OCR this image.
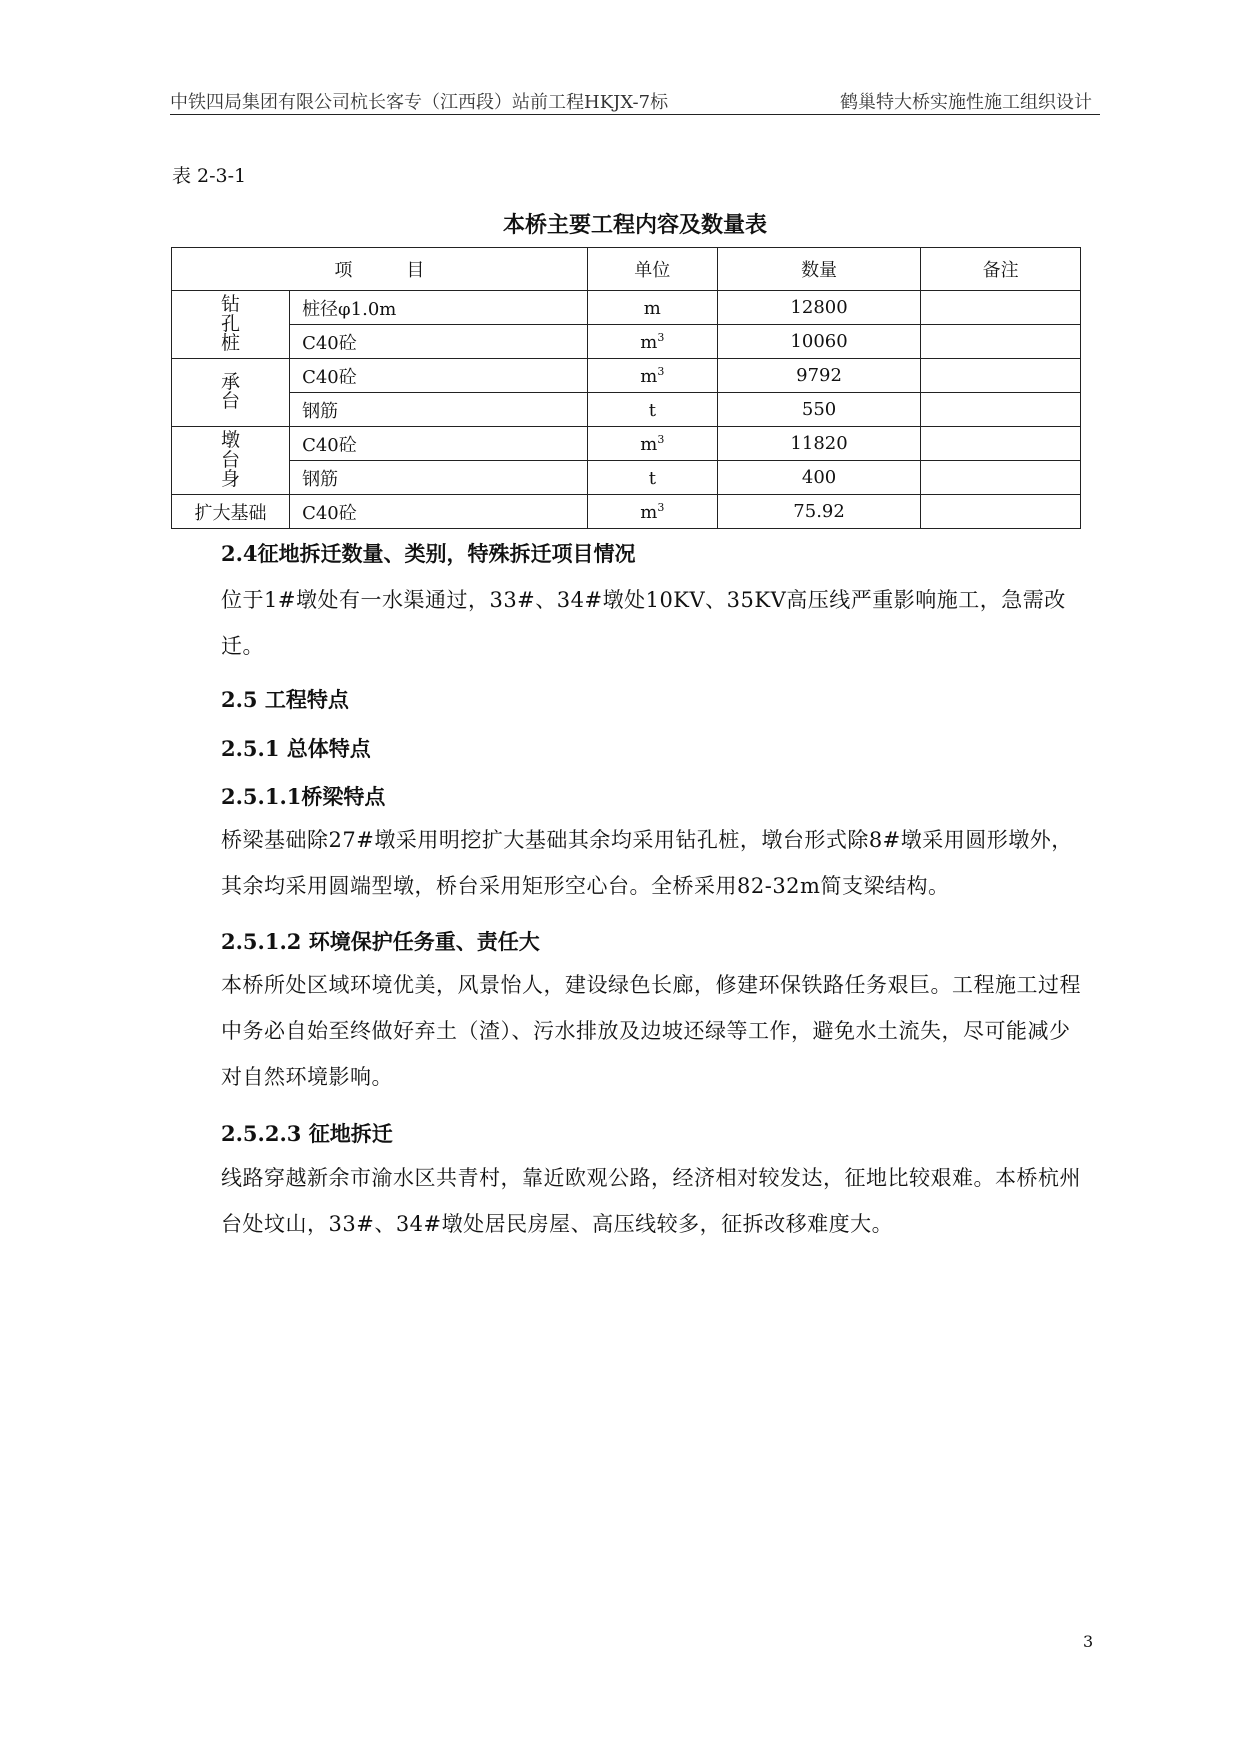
中铁四局集团有限公司杭长客专（江西段）站前工程HKJX-7标	鹤巢特大桥实施性施工组织设计
表 2-3-1
本桥主要工程内容及数量表
项　　　目		单位	数量	备注
钻孔桩	桩径φ1.0m	m	12800	
	C40砼	$m^3$	10060	
承台	C40砼	$m^3$	9792	
	钢筋	t	550	
墩台身	C40砼	$m^3$	11820	
	钢筋	t	400	
扩大基础	C40砼	$m^3$	75.92	
2.4征地拆迁数量、类别，特殊拆迁项目情况
位于1#墩处有一水渠通过，33#、34#墩处10KV、35KV高压线严重影响施工，急需改迁。
2.5 工程特点
2.5.1 总体特点
2.5.1.1桥梁特点
桥梁基础除27#墩采用明挖扩大基础其余均采用钻孔桩，墩台形式除8#墩采用圆形墩外，其余均采用圆端型墩，桥台采用矩形空心台。全桥采用82-32m简支梁结构。
2.5.1.2 环境保护任务重、责任大
本桥所处区域环境优美，风景怡人，建设绿色长廊，修建环保铁路任务艰巨。工程施工过程中务必自始至终做好弃土（渣）、污水排放及边坡还绿等工作，避免水土流失，尽可能减少对自然环境影响。
2.5.2.3 征地拆迁
线路穿越新余市渝水区共青村，靠近欧观公路，经济相对较发达，征地比较艰难。本桥杭州台处坟山，33#、34#墩处居民房屋、高压线较多，征拆改移难度大。
3
